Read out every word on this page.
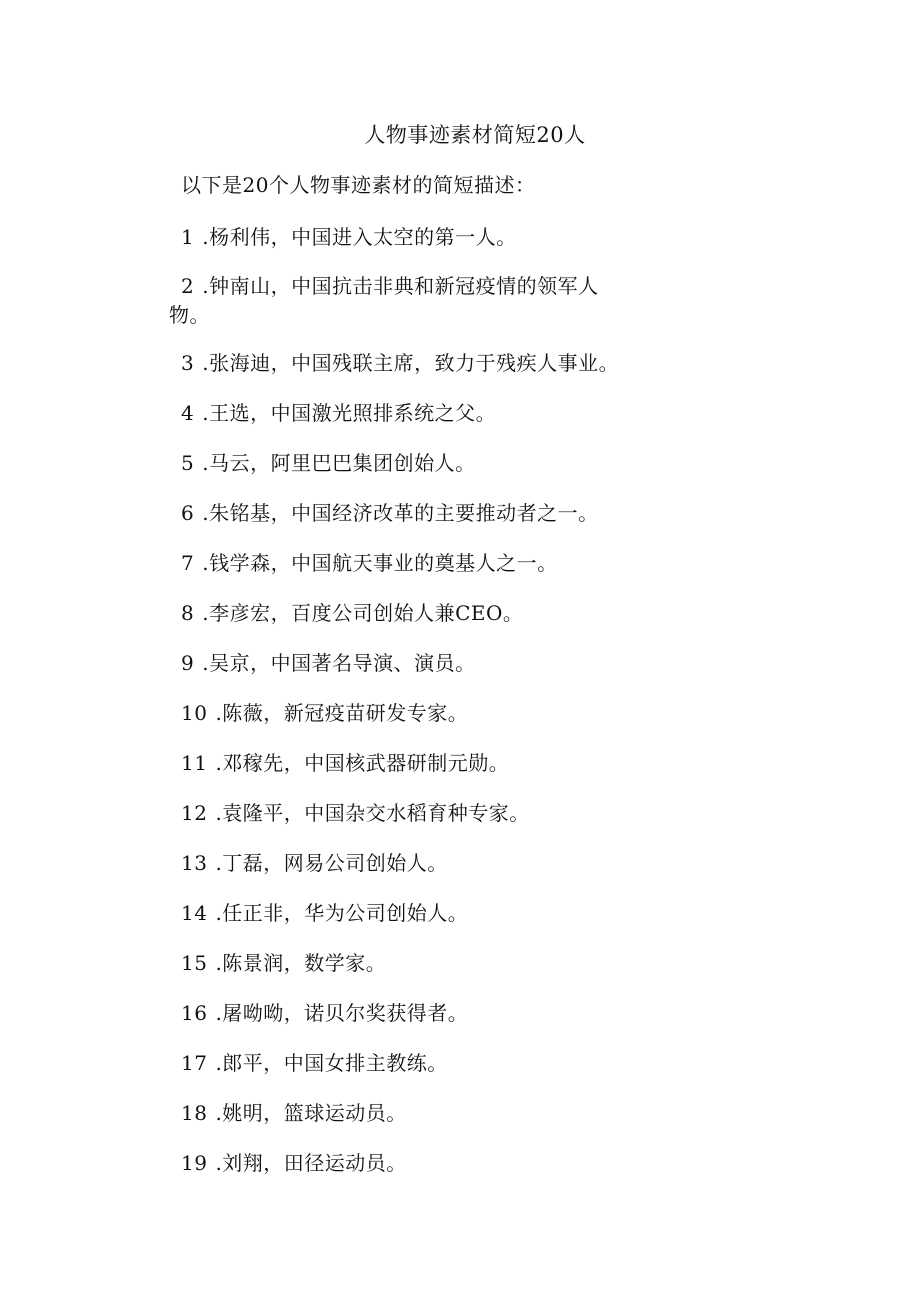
人物事迹素材简短20人
以下是20个人物事迹素材的简短描述：
1 .杨利伟，中国进入太空的第一人。
2 .钟南山，中国抗击非典和新冠疫情的领军人
物。
3 .张海迪，中国残联主席，致力于残疾人事业。
4 .王选，中国激光照排系统之父。
5 .马云，阿里巴巴集团创始人。
6 .朱铭基，中国经济改革的主要推动者之一。
7 .钱学森，中国航天事业的奠基人之一。
8 .李彦宏，百度公司创始人兼CEO。
9 .吴京，中国著名导演、演员。
10 .陈薇，新冠疫苗研发专家。
11 .邓稼先，中国核武器研制元勋。
12 .袁隆平，中国杂交水稻育种专家。
13 .丁磊，网易公司创始人。
14 .任正非，华为公司创始人。
15 .陈景润，数学家。
16 .屠呦呦，诺贝尔奖获得者。
17 .郎平，中国女排主教练。
18 .姚明，篮球运动员。
19 .刘翔，田径运动员。
